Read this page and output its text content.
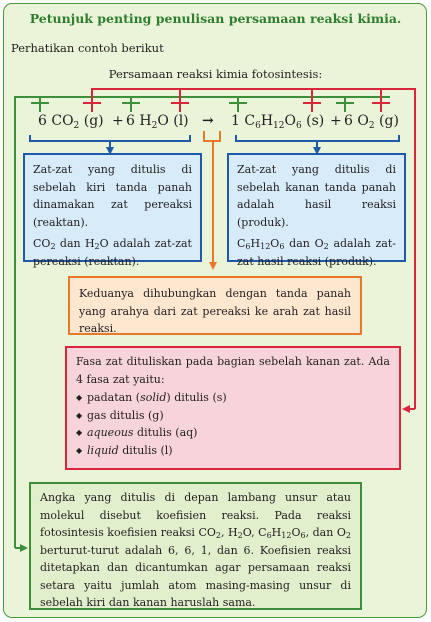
Petunjuk penting penulisan persamaan reaksi kimia.
Perhatikan contoh berikut
Persamaan reaksi kimia fotosintesis:
6 $CO_2$ (g) + 6 $H_2O$ (l) → 1 $C_6H_{12}O_6$ (s) + 6 $O_2$ (g)

Zat-zat yang ditulis di sebelah kiri tanda panah dinamakan zat pereaksi (reaktan).

$CO_2$ dan $H_2O$ adalah zat-zat pereaksi (reaktan).

Zat-zat yang ditulis di sebelah kanan tanda panah adalah hasil reaksi (produk).

$C_6H_{12}O_6$ dan $O_2$ adalah zat-zat hasil reaksi (produk).

Keduanya dihubungkan dengan tanda panah yang arahya dari zat pereaksi ke arah zat hasil reaksi.

Fasa zat dituliskan pada bagian sebelah kanan zat. Ada 4 fasa zat yaitu:

◆ padatan (solid) ditulis (s)
◆ gas ditulis (g)
◆ aqueous ditulis (aq)
◆ liquid ditulis (l)

Angka yang ditulis di depan lambang unsur atau molekul disebut koefisien reaksi. Pada reaksi fotosintesis koefisien reaksi $CO_2$, $H_2O$, $C_6H_{12}O_6$, dan $O_2$ berturut-turut adalah 6, 6, 1, dan 6. Koefisien reaksi ditetapkan dan dicantumkan agar persamaan reaksi setara yaitu jumlah atom masing-masing unsur di sebelah kiri dan kanan haruslah sama.
